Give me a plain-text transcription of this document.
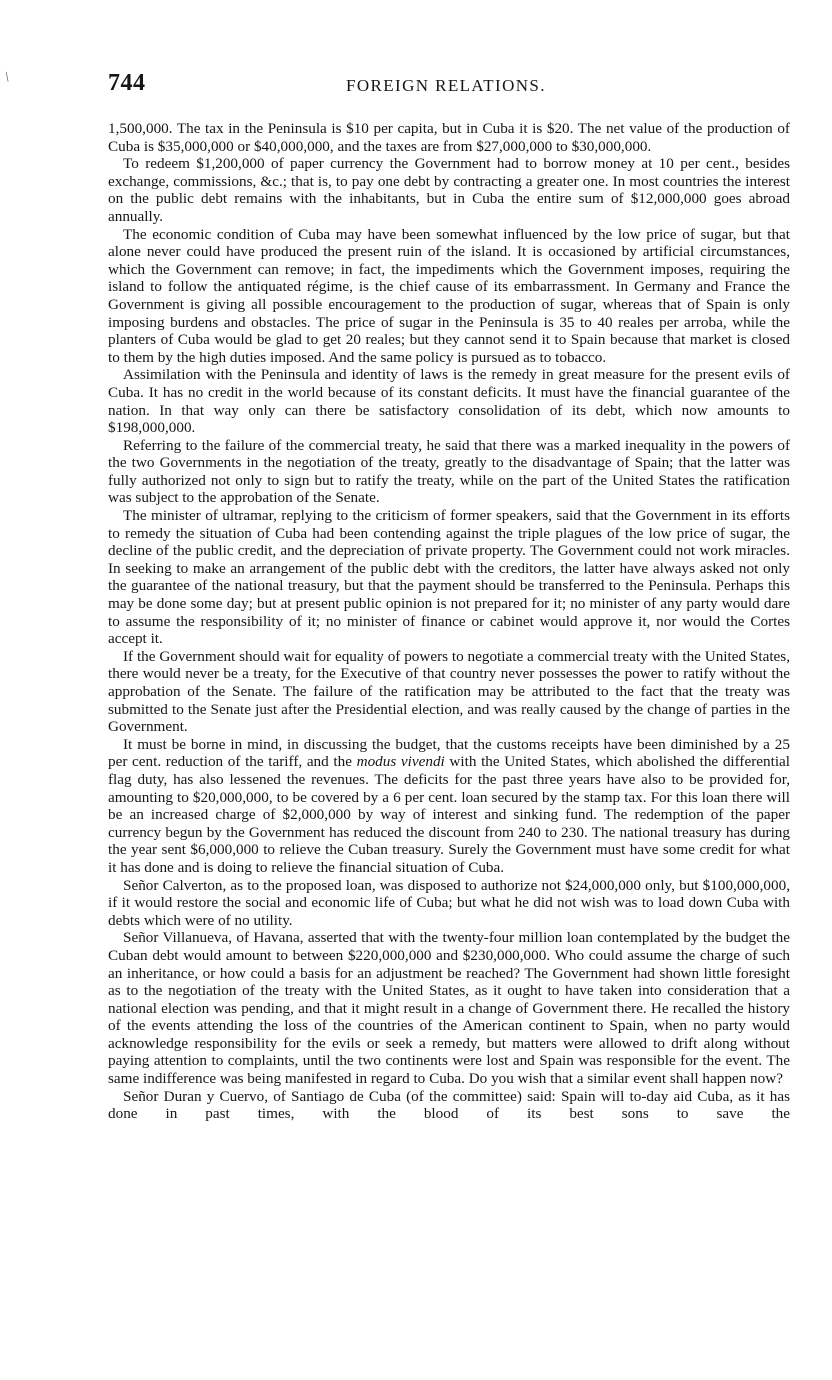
/	744	FOREIGN RELATIONS.

1,500,000. The tax in the Peninsula is $10 per capita, but in Cuba it is $20. The net value of the production of Cuba is $35,000,000 or $40,000,000, and the taxes are from $27,000,000 to $30,000,000.

To redeem $1,200,000 of paper currency the Government had to borrow money at 10 per cent., besides exchange, commissions, &c.; that is, to pay one debt by contracting a greater one. In most countries the interest on the public debt remains with the inhabitants, but in Cuba the entire sum of $12,000,000 goes abroad annually.

The economic condition of Cuba may have been somewhat influenced by the low price of sugar, but that alone never could have produced the present ruin of the island. It is occasioned by artificial circumstances, which the Government can remove; in fact, the impediments which the Government imposes, requiring the island to follow the antiquated régime, is the chief cause of its embarrassment. In Germany and France the Government is giving all possible encouragement to the production of sugar, whereas that of Spain is only imposing burdens and obstacles. The price of sugar in the Peninsula is 35 to 40 reales per arroba, while the planters of Cuba would be glad to get 20 reales; but they cannot send it to Spain because that market is closed to them by the high duties imposed. And the same policy is pursued as to tobacco.

Assimilation with the Peninsula and identity of laws is the remedy in great measure for the present evils of Cuba. It has no credit in the world because of its constant deficits. It must have the financial guarantee of the nation. In that way only can there be satisfactory consolidation of its debt, which now amounts to $198,000,000.

Referring to the failure of the commercial treaty, he said that there was a marked inequality in the powers of the two Governments in the negotiation of the treaty, greatly to the disadvantage of Spain; that the latter was fully authorized not only to sign but to ratify the treaty, while on the part of the United States the ratification was subject to the approbation of the Senate.

The minister of ultramar, replying to the criticism of former speakers, said that the Government in its efforts to remedy the situation of Cuba had been contending against the triple plagues of the low price of sugar, the decline of the public credit, and the depreciation of private property. The Government could not work miracles. In seeking to make an arrangement of the public debt with the creditors, the latter have always asked not only the guarantee of the national treasury, but that the payment should be transferred to the Peninsula. Perhaps this may be done some day; but at present public opinion is not prepared for it; no minister of any party would dare to assume the responsibility of it; no minister of finance or cabinet would approve it, nor would the Cortes accept it.

If the Government should wait for equality of powers to negotiate a commercial treaty with the United States, there would never be a treaty, for the Executive of that country never possesses the power to ratify without the approbation of the Senate. The failure of the ratification may be attributed to the fact that the treaty was submitted to the Senate just after the Presidential election, and was really caused by the change of parties in the Government.

It must be borne in mind, in discussing the budget, that the customs receipts have been diminished by a 25 per cent. reduction of the tariff, and the modus vivendi with the United States, which abolished the differential flag duty, has also lessened the revenues. The deficits for the past three years have also to be provided for, amounting to $20,000,000, to be covered by a 6 per cent. loan secured by the stamp tax. For this loan there will be an increased charge of $2,000,000 by way of interest and sinking fund. The redemption of the paper currency begun by the Government has reduced the discount from 240 to 230. The national treasury has during the year sent $6,000,000 to relieve the Cuban treasury. Surely the Government must have some credit for what it has done and is doing to relieve the financial situation of Cuba.

Señor Calverton, as to the proposed loan, was disposed to authorize not $24,000,000 only, but $100,000,000, if it would restore the social and economic life of Cuba; but what he did not wish was to load down Cuba with debts which were of no utility.

Señor Villanueva, of Havana, asserted that with the twenty-four million loan contemplated by the budget the Cuban debt would amount to between $220,000,000 and $230,000,000. Who could assume the charge of such an inheritance, or how could a basis for an adjustment be reached? The Government had shown little foresight as to the negotiation of the treaty with the United States, as it ought to have taken into consideration that a national election was pending, and that it might result in a change of Government there. He recalled the history of the events attending the loss of the countries of the American continent to Spain, when no party would acknowledge responsibility for the evils or seek a remedy, but matters were allowed to drift along without paying attention to complaints, until the two continents were lost and Spain was responsible for the event. The same indifference was being manifested in regard to Cuba. Do you wish that a similar event shall happen now?

Señor Duran y Cuervo, of Santiago de Cuba (of the committee) said: Spain will to-day aid Cuba, as it has done in past times, with the blood of its best sons to save the
